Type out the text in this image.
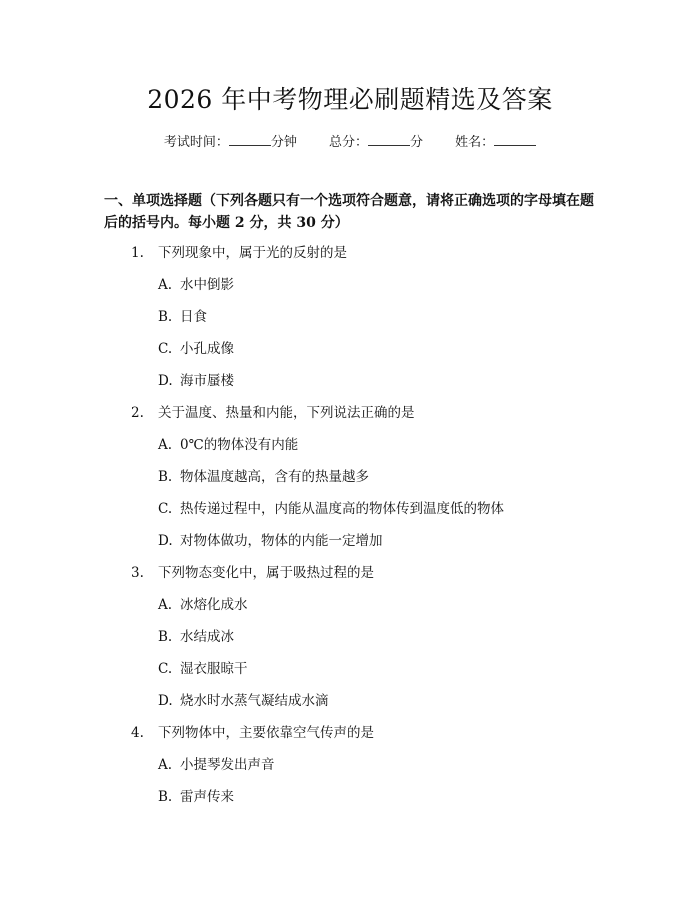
2026 年中考物理必刷题精选及答案
考试时间：	分钟 总分：	分 姓名：
一、单项选择题（下列各题只有一个选项符合题意，请将正确选项的字母填在题后的括号内。每小题 2 分，共 30 分）
1. 下列现象中，属于光的反射的是
A. 水中倒影
B. 日食
C. 小孔成像
D. 海市蜃楼
2. 关于温度、热量和内能，下列说法正确的是
A. 0℃的物体没有内能
B. 物体温度越高，含有的热量越多
C. 热传递过程中，内能从温度高的物体传到温度低的物体
D. 对物体做功，物体的内能一定增加
3. 下列物态变化中，属于吸热过程的是
A. 冰熔化成水
B. 水结成冰
C. 湿衣服晾干
D. 烧水时水蒸气凝结成水滴
4. 下列物体中，主要依靠空气传声的是
A. 小提琴发出声音
B. 雷声传来
